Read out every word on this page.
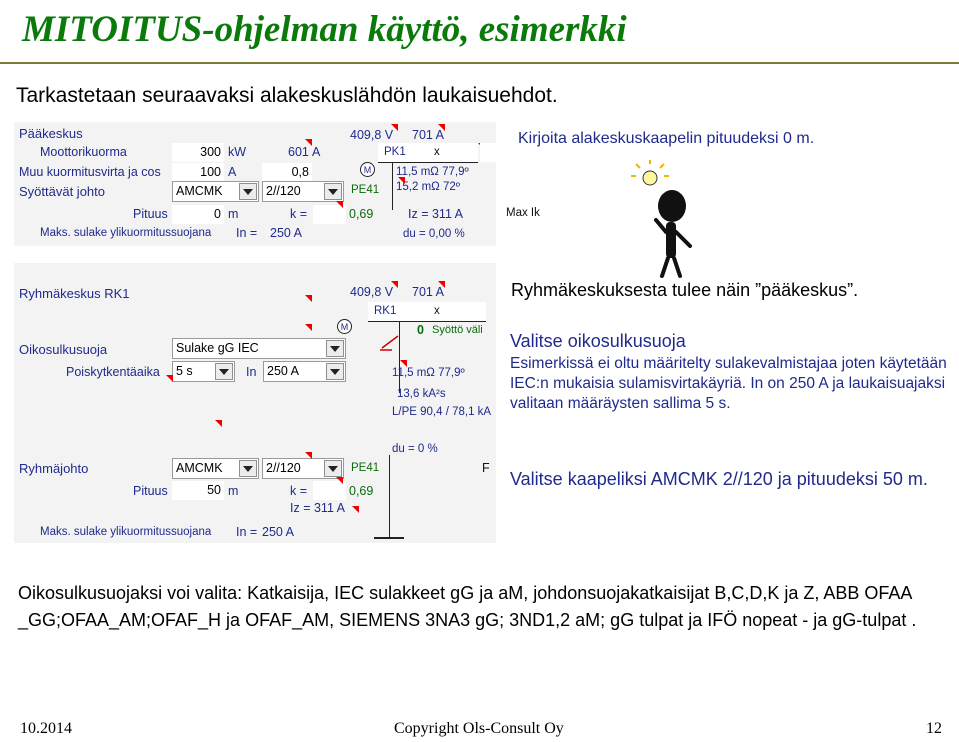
MITOITUS-ohjelman käyttö, esimerkki
Tarkastetaan seuraavaksi alakeskuslähdön laukaisuehdot.
Pääkeskus
Moottorikuorma	300 kW	601 A
Muu kuormitusvirta ja cos	100 A	0,8
Syöttävät johto	AMCMK	2//120
Pituus	0 m	k =	0,69	Iz = 311 A
Maks. sulake ylikuormitussuojana In = 250 A
409,8 V 701 A
PK1 x
M	11,5 mΩ 77,9º
15,2 mΩ 72º
PE41
du = 0,00 %
Max Ik
Ryhmäkeskus RK1
Oikosulkusuoja	Sulake gG IEC
Poiskytkentäaika	5 s	In 250 A
409,8 V 701 A
RK1	x
M	0 Syöttö väli
11,5 mΩ 77,9º
13,6 kA²s
L/PE 90,4 / 78,1 kA
du = 0 %
Ryhmäjohto	AMCMK	2//120	PE41	F
Pituus	50 m	k =	0,69
Iz = 311 A
Maks. sulake ylikuormitussuojana In = 250 A
Kirjoita alakeskuskaapelin pituudeksi 0 m.
Ryhmäkeskuksesta tulee näin ”pääkeskus”.
Valitse oikosulkusuoja
Esimerkissä ei oltu määritelty sulakevalmistajaa joten käytetään IEC:n mukaisia sulamisvirtakäyriä. In on 250 A ja laukaisuajaksi valitaan määräysten sallima 5 s.
Valitse kaapeliksi AMCMK 2//120 ja pituudeksi 50 m.
Oikosulkusuojaksi voi valita: Katkaisija, IEC sulakkeet gG ja aM, johdonsuojakatkaisijat B,C,D,K ja Z, ABB OFAA _GG;OFAA_AM;OFAF_H ja OFAF_AM, SIEMENS 3NA3 gG; 3ND1,2 aM; gG tulpat ja IFÖ nopeat - ja gG-tulpat .
10.2014	Copyright Ols-Consult Oy	12
